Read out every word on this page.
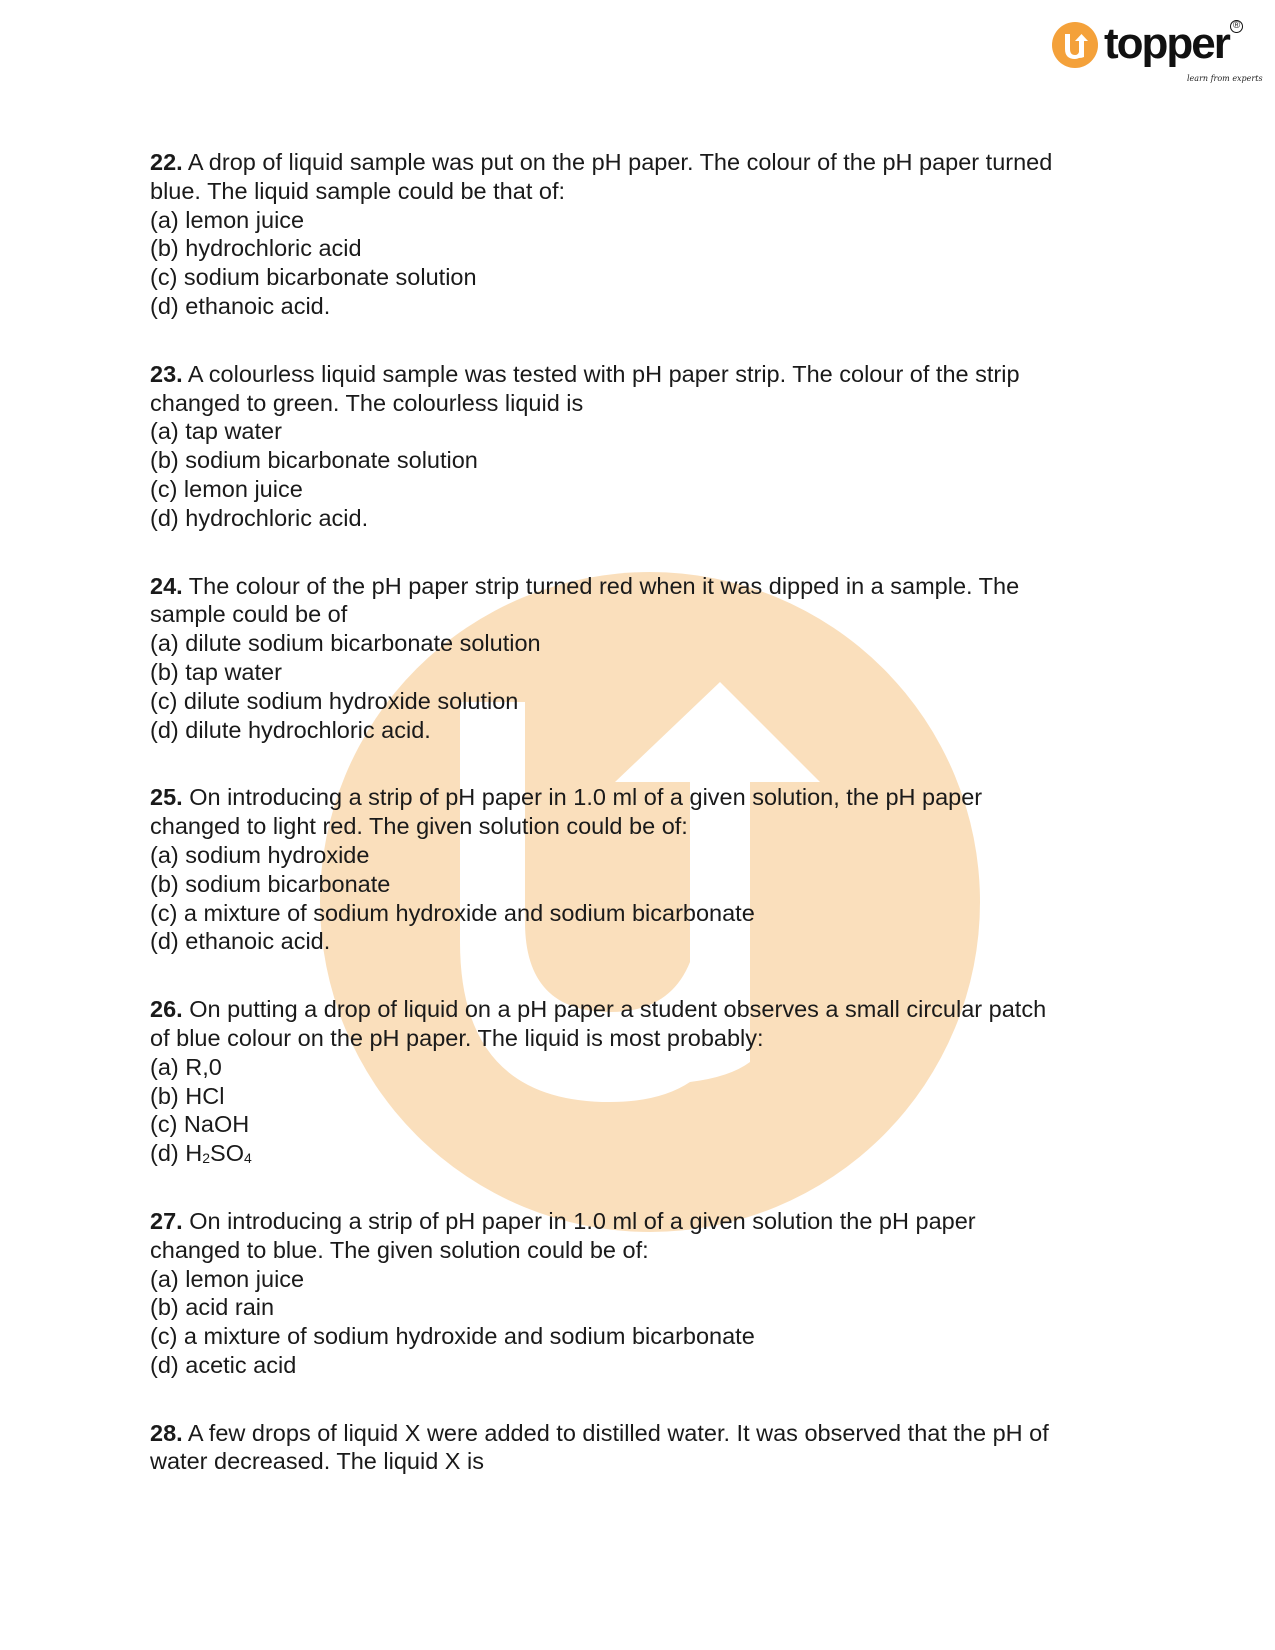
topper ®
learn from experts
22. A drop of liquid sample was put on the pH paper. The colour of the pH paper turned
blue. The liquid sample could be that of:
(a) lemon juice
(b) hydrochloric acid
(c) sodium bicarbonate solution
(d) ethanoic acid.
23. A colourless liquid sample was tested with pH paper strip. The colour of the strip
changed to green. The colourless liquid is
(a) tap water
(b) sodium bicarbonate solution
(c) lemon juice
(d) hydrochloric acid.
24. The colour of the pH paper strip turned red when it was dipped in a sample. The
sample could be of
(a) dilute sodium bicarbonate solution
(b) tap water
(c) dilute sodium hydroxide solution
(d) dilute hydrochloric acid.
25. On introducing a strip of pH paper in 1.0 ml of a given solution, the pH paper
changed to light red. The given solution could be of:
(a) sodium hydroxide
(b) sodium bicarbonate
(c) a mixture of sodium hydroxide and sodium bicarbonate
(d) ethanoic acid.
26. On putting a drop of liquid on a pH paper a student observes a small circular patch
of blue colour on the pH paper. The liquid is most probably:
(a) R,0
(b) HCl
(c) NaOH
(d) $H_2SO_4$
27. On introducing a strip of pH paper in 1.0 ml of a given solution the pH paper
changed to blue. The given solution could be of:
(a) lemon juice
(b) acid rain
(c) a mixture of sodium hydroxide and sodium bicarbonate
(d) acetic acid
28. A few drops of liquid X were added to distilled water. It was observed that the pH of
water decreased. The liquid X is
